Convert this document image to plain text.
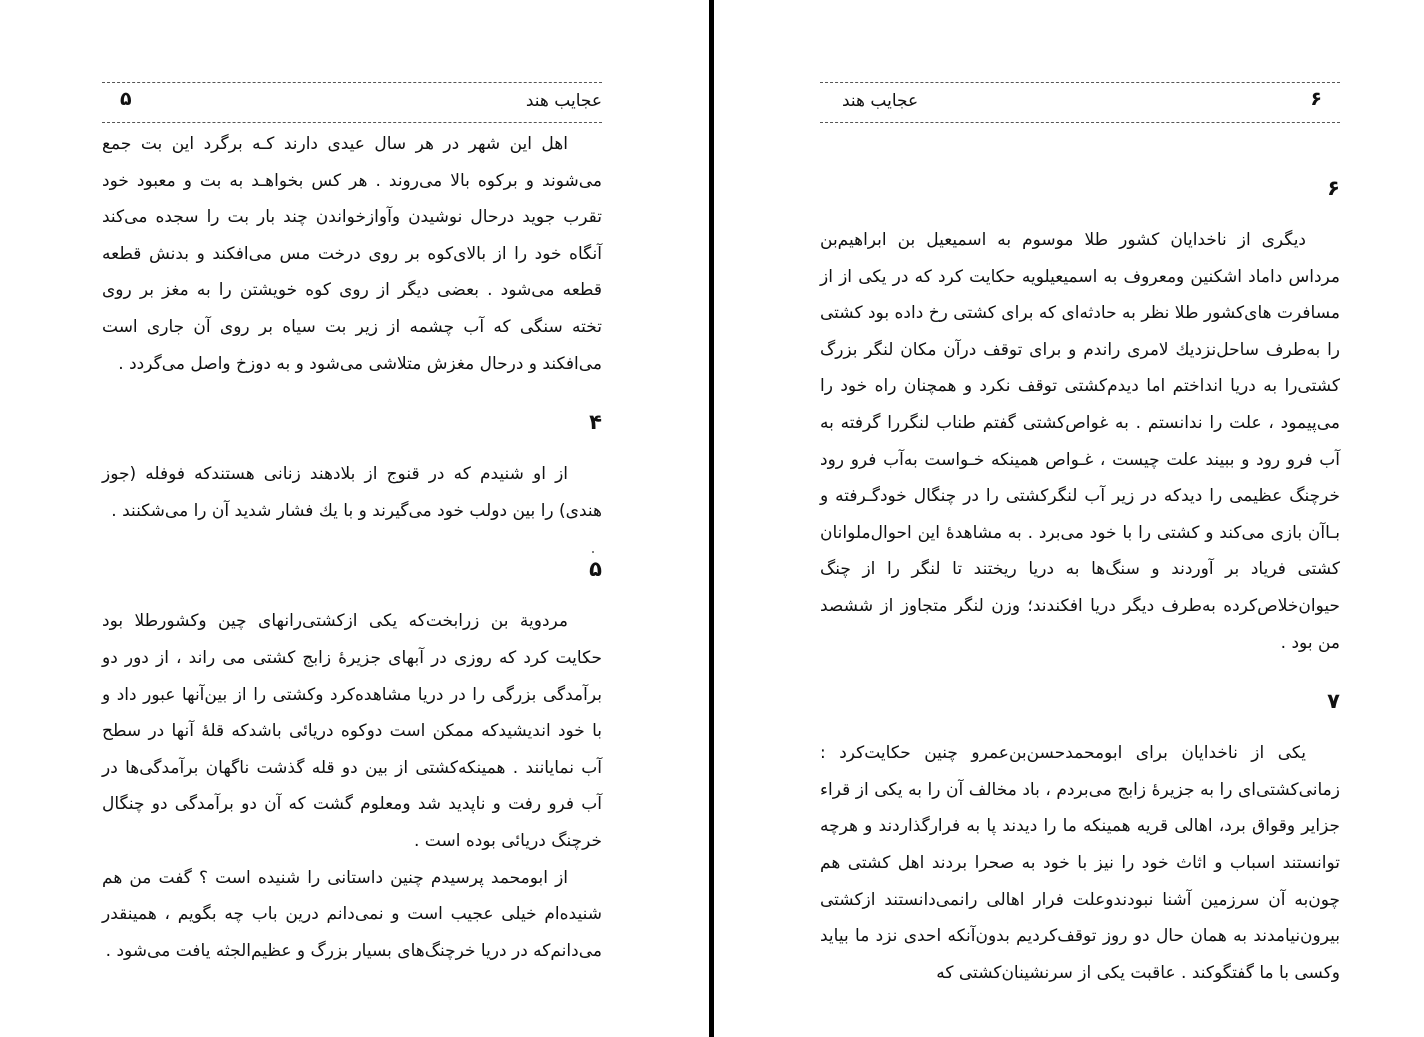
۵	عجایب هند

اهل این شهر در هر سال عیدی دارند کـه برگرد این بت جمع می‌شوند و برکوه بالا می‌روند . هر کس بخواهـد به بت و معبود خود تقرب جوید درحال نوشیدن وآوازخواندن چند بار بت را سجده می‌کند آنگاه خود را از بالای‌کوه بر روی درخت مس می‌افکند و بدنش قطعه قطعه می‌شود . بعضی دیگر از روی کوه خویشتن را به مغز بر روی تخته سنگی که آب چشمه از زیر بت سیاه بر روی آن جاری است می‌افکند و درحال مغزش متلاشی می‌شود و به دوزخ واصل می‌گردد .

۴

از او شنیدم که در قنوج از بلادهند زنانی هستندکه فوفله (جوز هندی) را بین دولب خود می‌گیرند و با یك فشار شدید آن را می‌شکنند .

۵

مردویة بن زرابخت‌که یکی ازکشتی‌رانهای چین وکشورطلا بود حکایت کرد که روزی در آبهای جزیرهٔ زابج کشتی می راند ، از دور دو برآمدگی بزرگی را در دریا مشاهده‌کرد وکشتی را از بین‌آنها عبور داد و با خود اندیشیدکه ممکن است دوکوه دریائی باشدکه قلهٔ آنها در سطح آب نمایانند . همینکه‌کشتی از بین دو قله گذشت ناگهان برآمدگی‌ها در آب فرو رفت و ناپدید شد ومعلوم گشت که آن دو برآمدگی دو چنگال خرچنگ دریائی بوده است .

از ابومحمد پرسیدم چنین داستانی را شنیده است ؟ گفت من هم شنیده‌ام خیلی عجیب است و نمی‌دانم درین باب چه بگویم ، همینقدر می‌دانم‌که در دریا خرچنگ‌های بسیار بزرگ و عظیم‌الجثه یافت می‌شود .

عجایب هند	۶
۶

دیگری از ناخدایان کشور طلا موسوم به اسمیعیل بن ابراهیم‌بن مرداس داماد اشکنین ومعروف به اسمیعیلویه حکایت کرد که در یکی از از مسافرت های‌کشور طلا نظر به حادثه‌ای که برای کشتی رخ داده بود کشتی را به‌طرف ساحل‌نزدیك لامری راندم و برای توقف درآن مکان لنگر بزرگ کشتی‌را به دریا انداختم اما دیدم‌کشتی توقف نکرد و همچنان راه خود را می‌پیمود ، علت را ندانستم . به غواص‌کشتی گفتم طناب لنگررا گرفته به آب فرو رود و ببیند علت چیست ، غـواص همینکه خـواست به‌آب فرو رود خرچنگ عظیمی را دیدکه در زیر آب لنگرکشتی را در چنگال خودگـرفته و بـاآن بازی می‌کند و کشتی را با خود می‌برد . به مشاهدهٔ این احوال‌ملوانان کشتی فریاد بر آوردند و سنگ‌ها به دریا ریختند تا لنگر را از چنگ حیوان‌خلاص‌کرده به‌طرف دیگر دریا افکندند؛ وزن لنگر متجاوز از ششصد من بود .

۷

یکی از ناخدایان برای ابومحمدحسن‌بن‌عمرو چنین حکایت‌کرد : زمانی‌کشتی‌ای را به جزیرهٔ زابج می‌بردم ، باد مخالف آن را به یکی از قراء جزایر وقواق برد، اهالی قریه همینکه ما را دیدند پا به فرارگذاردند و هرچه توانستند اسباب و اثاث خود را نیز با خود به صحرا بردند اهل کشتی هم چون‌به آن سرزمین آشنا نبودندوعلت فرار اهالی رانمی‌دانستند ازکشتی بیرون‌نیامدند به همان حال دو روز توقف‌کردیم بدون‌آنکه احدی نزد ما بیاید وکسی با ما گفتگوکند . عاقبت یکی از سرنشینان‌کشتی که
